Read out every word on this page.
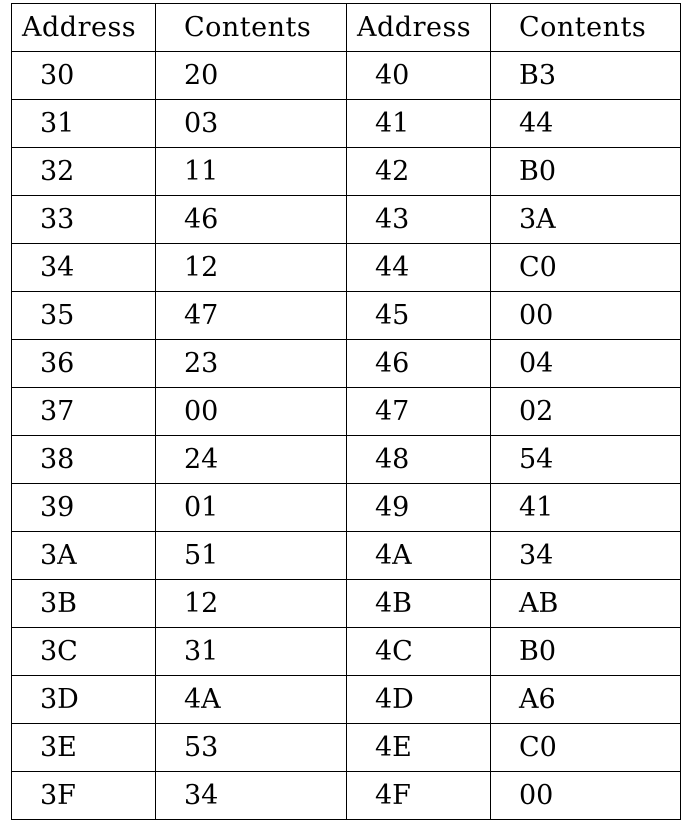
Address	Contents	Address	Contents
30	20	40	B3
31	03	41	44
32	11	42	B0
33	46	43	3A
34	12	44	C0
35	47	45	00
36	23	46	04
37	00	47	02
38	24	48	54
39	01	49	41
3A	51	4A	34
3B	12	4B	AB
3C	31	4C	B0
3D	4A	4D	A6
3E	53	4E	C0
3F	34	4F	00
